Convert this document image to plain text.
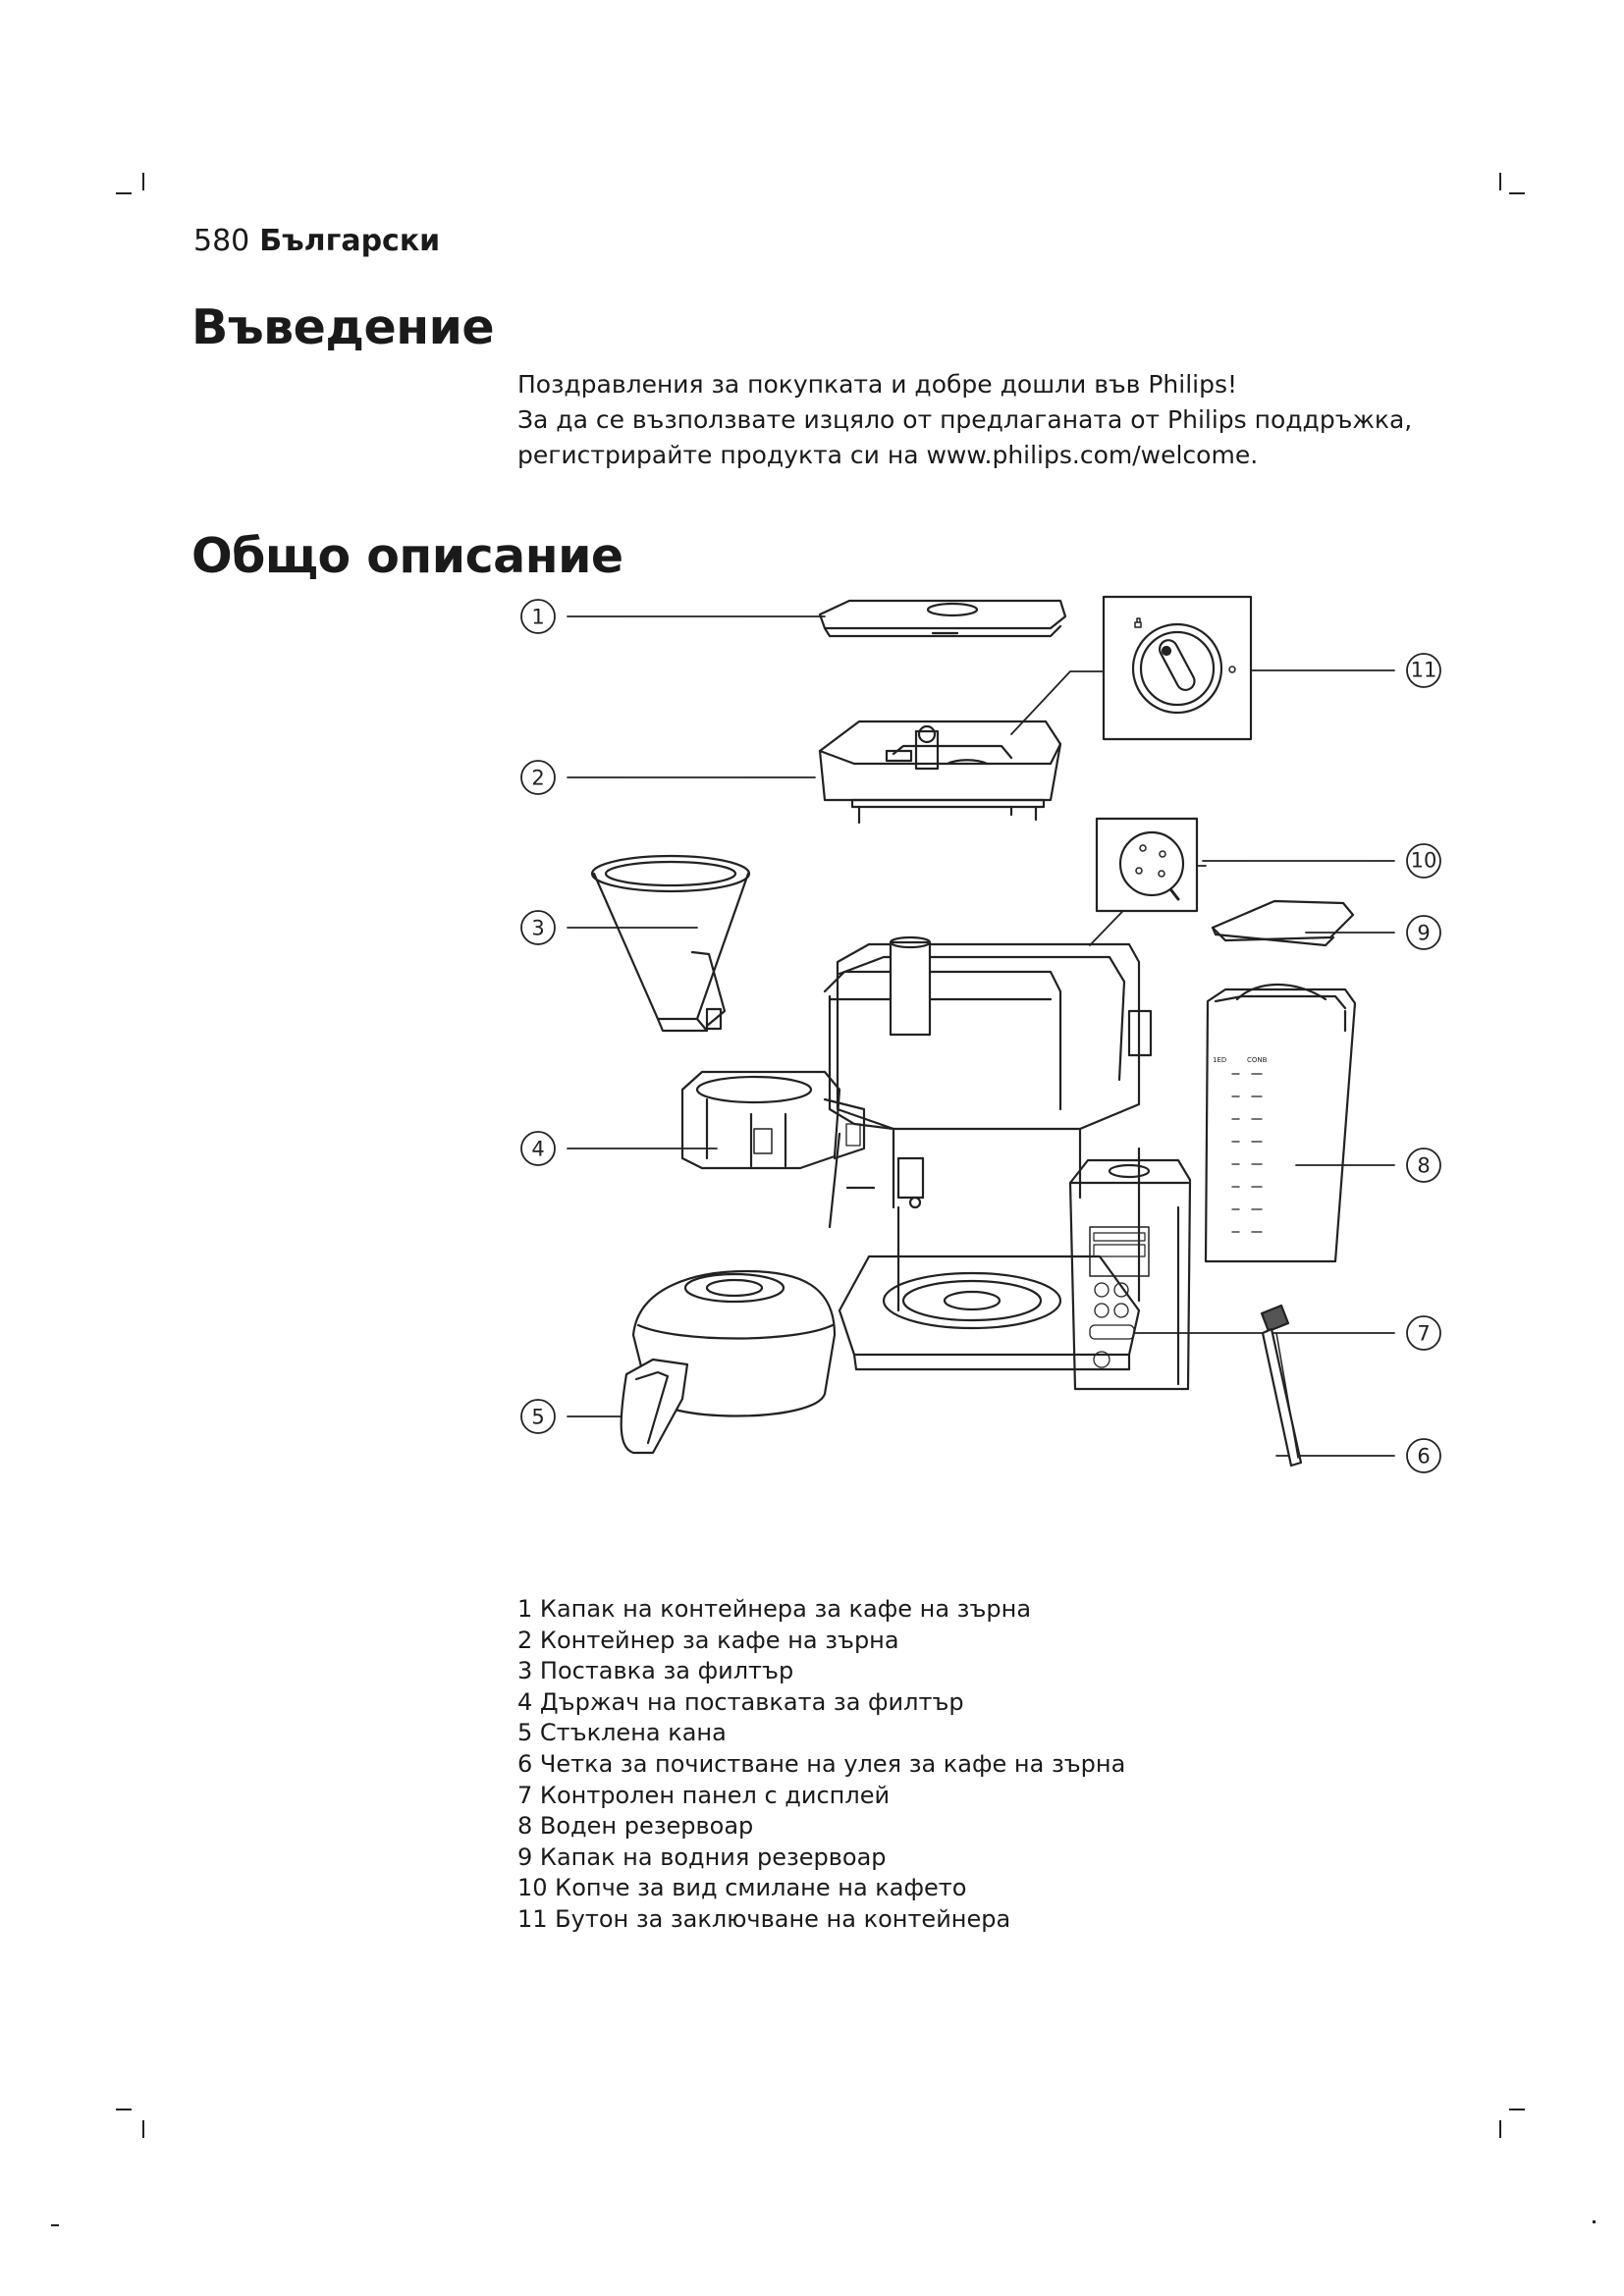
580 Български
Въведение

Поздравления за покупката и добре дошли във Philips!

За да се възползвате изцяло от предлаганата от Philips поддръжка,

регистрирайте продукта си на www.philips.com/welcome.

Общо описание
1
2
3
4
5
6
7
8
9
10
11
1ED	CONB
1 Капак на контейнера за кафе на зърна
2 Контейнер за кафе на зърна
3 Поставка за филтър
4 Държач на поставката за филтър
5 Стъклена кана
6 Четка за почистване на улея за кафе на зърна
7 Контролен панел с дисплей
8 Воден резервоар
9 Капак на водния резервоар
10 Копче за вид смилане на кафето
11 Бутон за заключване на контейнера
